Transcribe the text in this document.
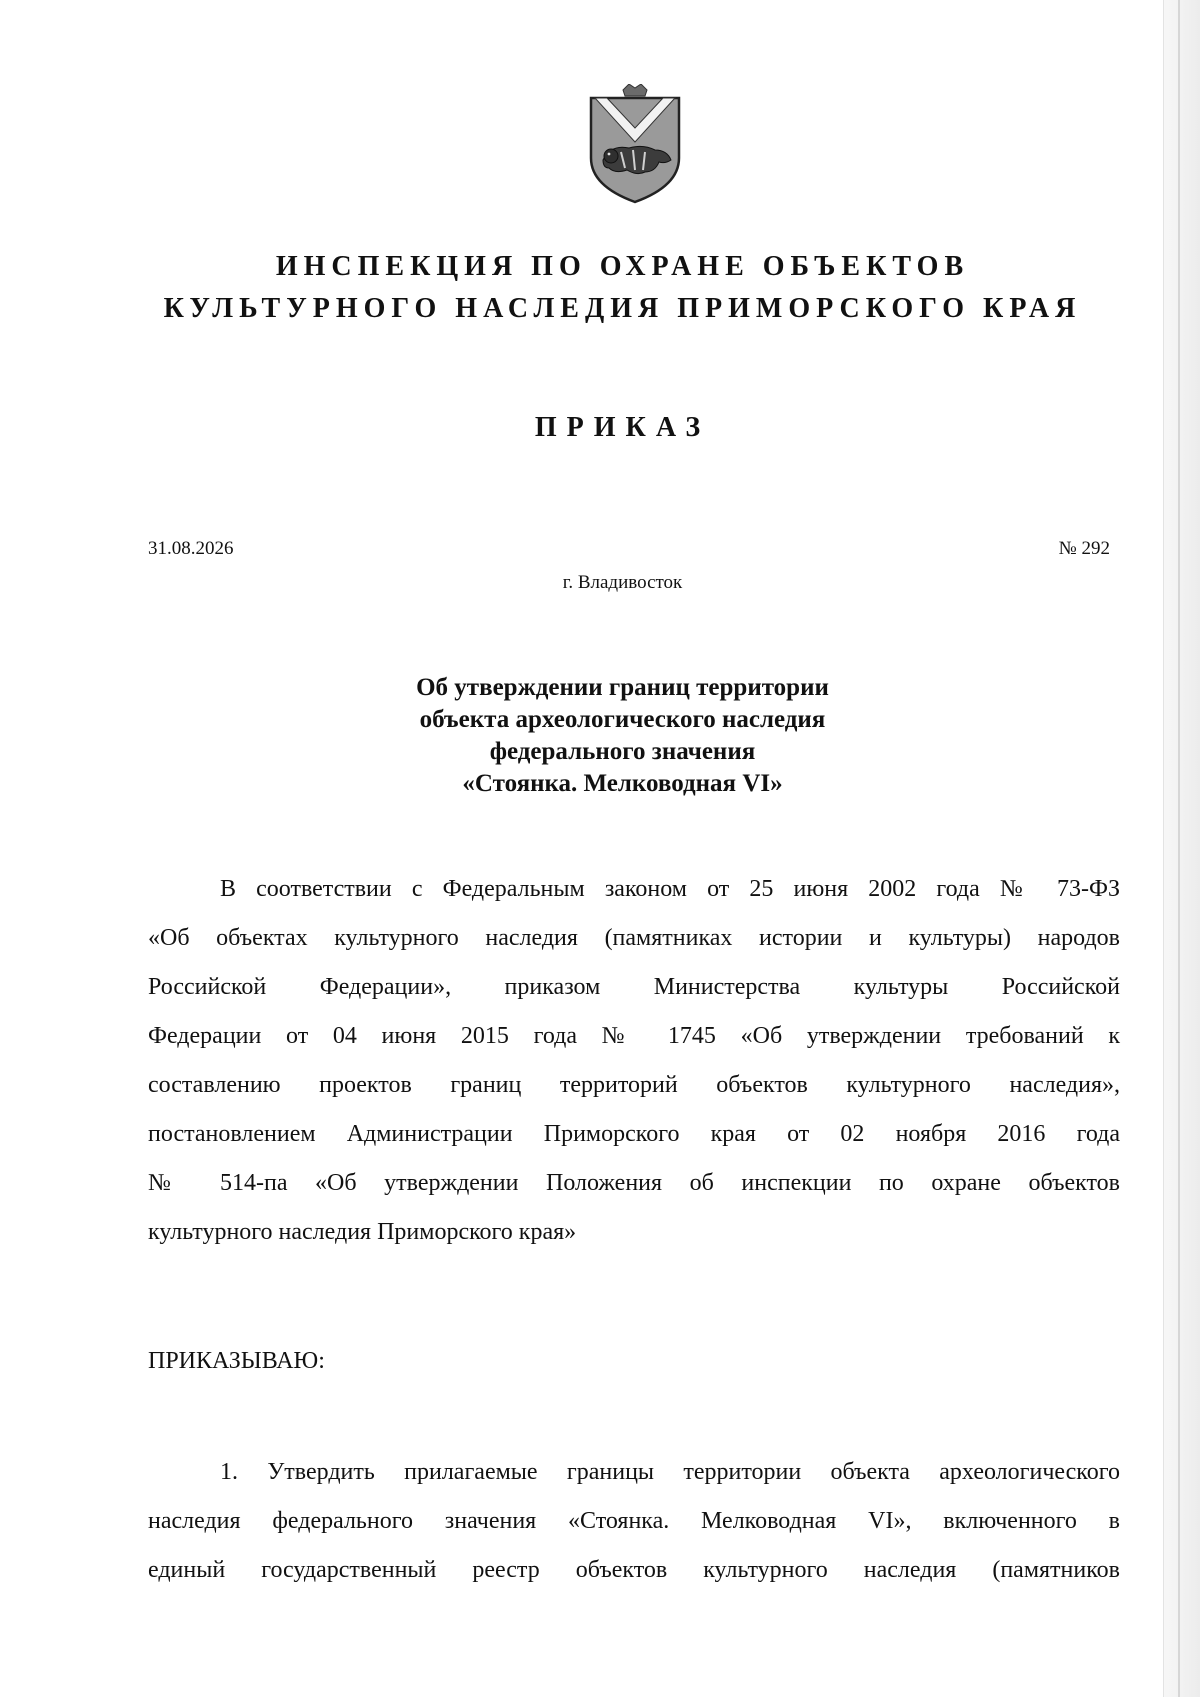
ИНСПЕКЦИЯ ПО ОХРАНЕ ОБЪЕКТОВ
КУЛЬТУРНОГО НАСЛЕДИЯ ПРИМОРСКОГО КРАЯ
ПРИКАЗ
31.08.2026	№ 292
г. Владивосток
Об утверждении границ территории
объекта археологического наследия
федерального значения
«Стоянка. Мелководная VI»
В соответствии с Федеральным законом от 25 июня 2002 года № 73-ФЗ
«Об объектах культурного наследия (памятниках истории и культуры) народов
Российской Федерации», приказом Министерства культуры Российской
Федерации от 04 июня 2015 года № 1745 «Об утверждении требований к
составлению проектов границ территорий объектов культурного наследия»,
постановлением Администрации Приморского края от 02 ноября 2016 года
№ 514-па «Об утверждении Положения об инспекции по охране объектов
культурного наследия Приморского края»
ПРИКАЗЫВАЮ:
1. Утвердить прилагаемые границы территории объекта археологического
наследия федерального значения «Стоянка. Мелководная VI», включенного в
единый государственный реестр объектов культурного наследия (памятников
